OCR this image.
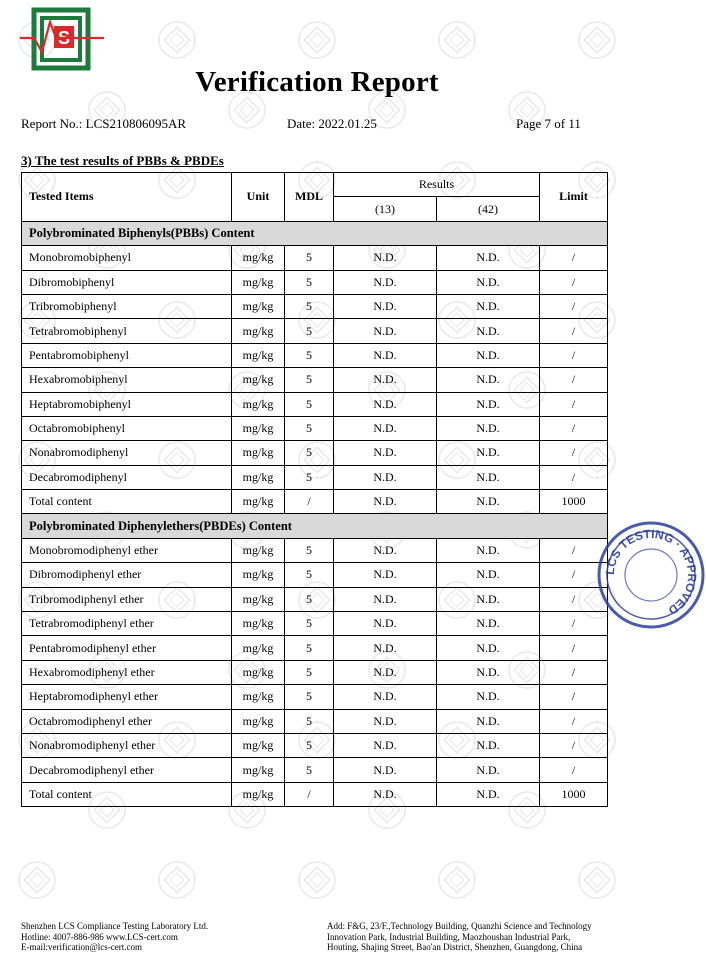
S
Verification Report
Report No.: LCS210806095AR	Date: 2022.01.25	Page 7 of 11
3) The test results of PBBs & PBDEs
Tested Items	Unit	MDL	Results		Limit
			(13)	(42)	
Polybrominated Biphenyls(PBBs) Content					
Monobromobiphenyl	mg/kg	5	N.D.	N.D.	/
Dibromobiphenyl	mg/kg	5	N.D.	N.D.	/
Tribromobiphenyl	mg/kg	5	N.D.	N.D.	/
Tetrabromobiphenyl	mg/kg	5	N.D.	N.D.	/
Pentabromobiphenyl	mg/kg	5	N.D.	N.D.	/
Hexabromobiphenyl	mg/kg	5	N.D.	N.D.	/
Heptabromobiphenyl	mg/kg	5	N.D.	N.D.	/
Octabromobiphenyl	mg/kg	5	N.D.	N.D.	/
Nonabromodiphenyl	mg/kg	5	N.D.	N.D.	/
Decabromodiphenyl	mg/kg	5	N.D.	N.D.	/
Total content	mg/kg	/	N.D.	N.D.	1000
Polybrominated Diphenylethers(PBDEs) Content					
Monobromodiphenyl ether	mg/kg	5	N.D.	N.D.	/
Dibromodiphenyl ether	mg/kg	5	N.D.	N.D.	/
Tribromodiphenyl ether	mg/kg	5	N.D.	N.D.	/
Tetrabromodiphenyl ether	mg/kg	5	N.D.	N.D.	/
Pentabromodiphenyl ether	mg/kg	5	N.D.	N.D.	/
Hexabromodiphenyl ether	mg/kg	5	N.D.	N.D.	/
Heptabromodiphenyl ether	mg/kg	5	N.D.	N.D.	/
Octabromodiphenyl ether	mg/kg	5	N.D.	N.D.	/
Nonabromodiphenyl ether	mg/kg	5	N.D.	N.D.	/
Decabromodiphenyl ether	mg/kg	5	N.D.	N.D.	/
Total content	mg/kg	/	N.D.	N.D.	1000
LCS TESTING · APPROVED
Shenzhen LCS Compliance Testing Laboratory Ltd.
Hotline: 4007-886-986 www.LCS-cert.com
E-mail:verification@lcs-cert.com
Add: F&G, 23/F.,Technology Building, Quanzhi Science and Technology
Innovation Park, Industrial Building, Maozhoushan Industrial Park,
Houting, Shajing Street, Bao'an District, Shenzhen, Guangdong, China
